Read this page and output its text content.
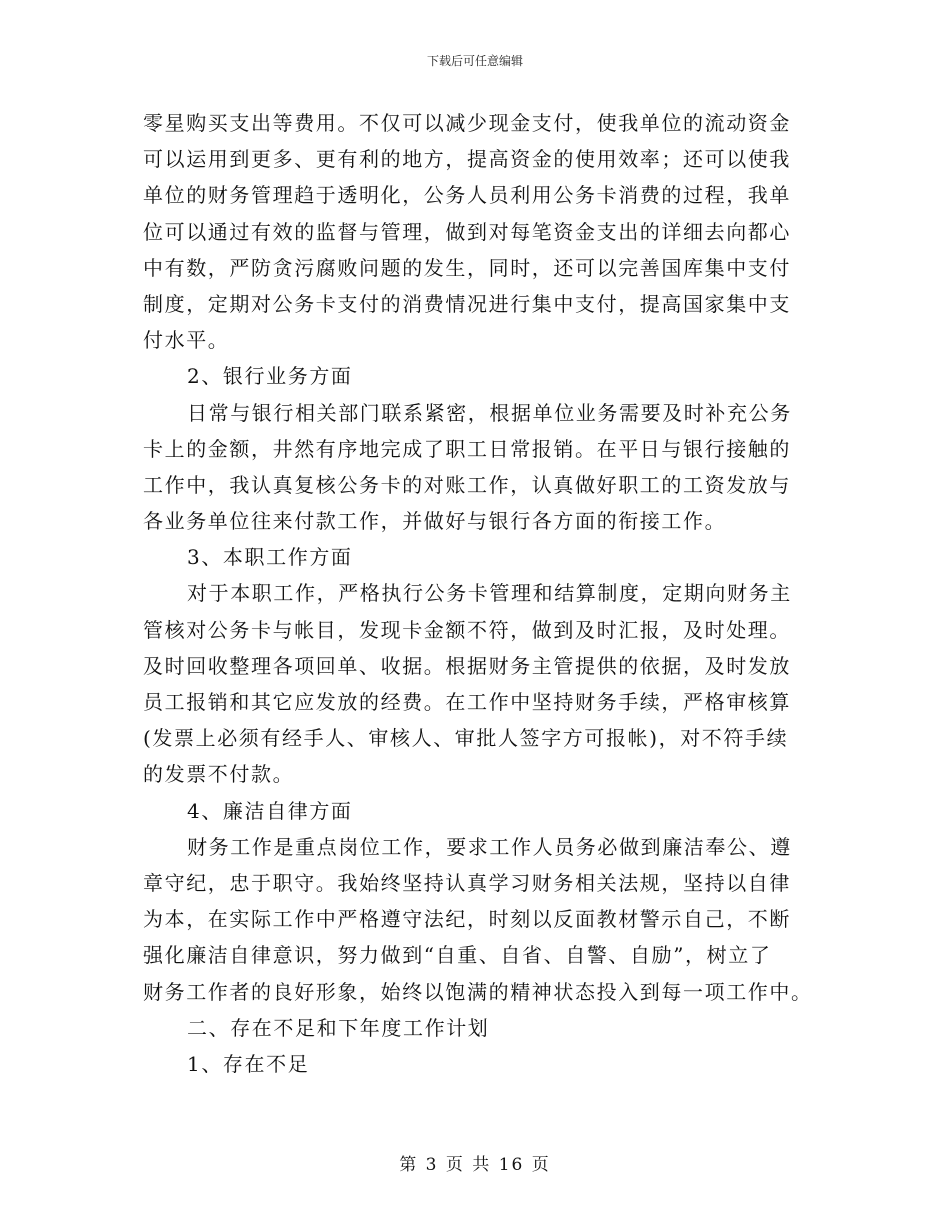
下载后可任意编辑
零星购买支出等费用。不仅可以减少现金支付，使我单位的流动资金
可以运用到更多、更有利的地方，提高资金的使用效率；还可以使我
单位的财务管理趋于透明化，公务人员利用公务卡消费的过程，我单
位可以通过有效的监督与管理，做到对每笔资金支出的详细去向都心
中有数，严防贪污腐败问题的发生，同时，还可以完善国库集中支付
制度，定期对公务卡支付的消费情况进行集中支付，提高国家集中支
付水平。
2、银行业务方面
日常与银行相关部门联系紧密，根据单位业务需要及时补充公务
卡上的金额，井然有序地完成了职工日常报销。在平日与银行接触的
工作中，我认真复核公务卡的对账工作，认真做好职工的工资发放与
各业务单位往来付款工作，并做好与银行各方面的衔接工作。
3、本职工作方面
对于本职工作，严格执行公务卡管理和结算制度，定期向财务主
管核对公务卡与帐目，发现卡金额不符，做到及时汇报，及时处理。
及时回收整理各项回单、收据。根据财务主管提供的依据，及时发放
员工报销和其它应发放的经费。在工作中坚持财务手续，严格审核算
(发票上必须有经手人、审核人、审批人签字方可报帐)，对不符手续
的发票不付款。
4、廉洁自律方面
财务工作是重点岗位工作，要求工作人员务必做到廉洁奉公、遵
章守纪，忠于职守。我始终坚持认真学习财务相关法规，坚持以自律
为本，在实际工作中严格遵守法纪，时刻以反面教材警示自己，不断
强化廉洁自律意识，努力做到“自重、自省、自警、自励”，树立了
财务工作者的良好形象，始终以饱满的精神状态投入到每一项工作中。
二、存在不足和下年度工作计划
1、存在不足
第 3 页 共 16 页
